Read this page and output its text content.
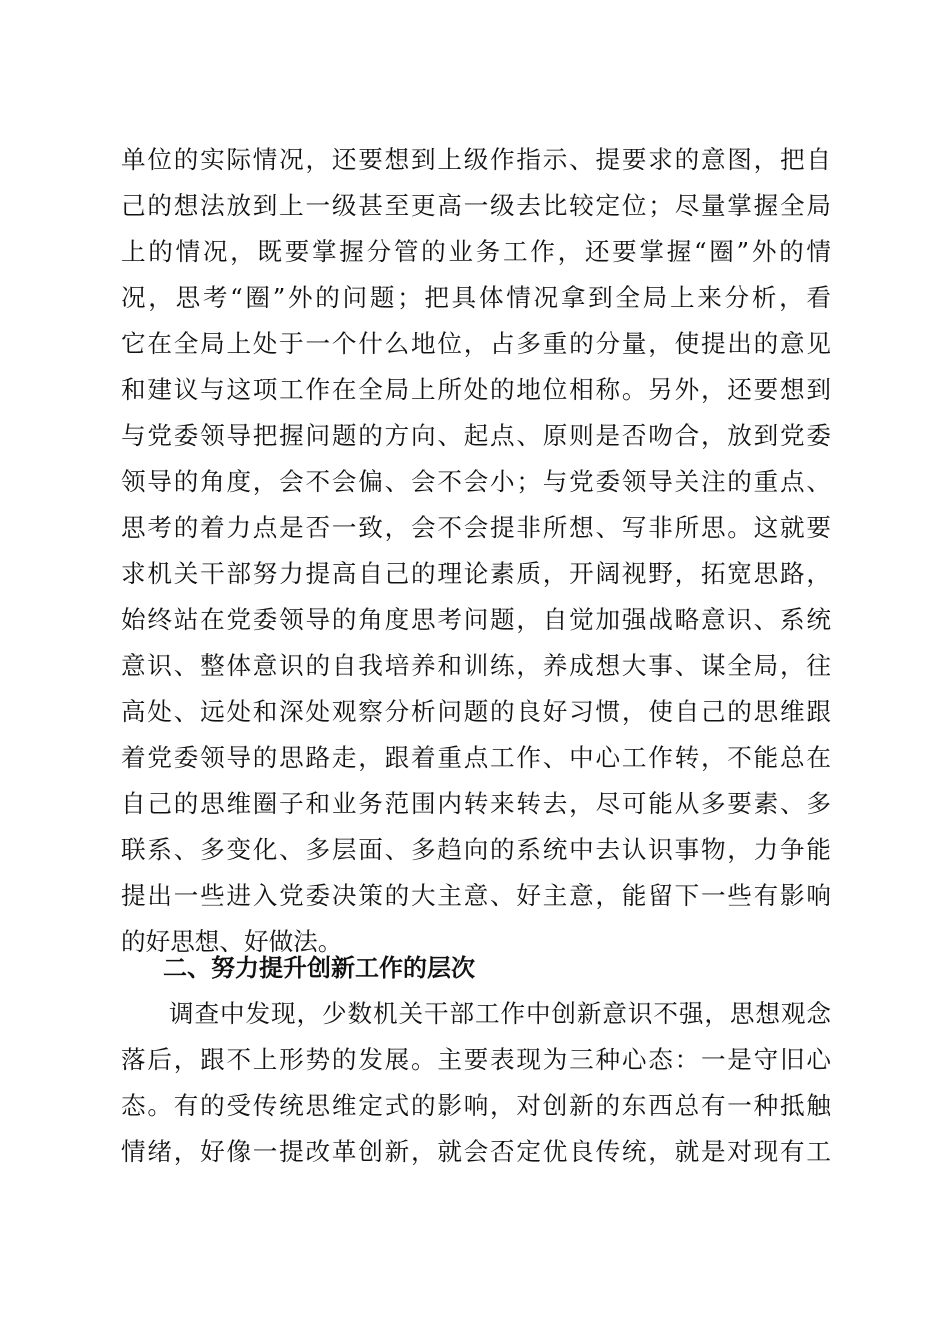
单位的实际情况，还要想到上级作指示、提要求的意图，把自
己的想法放到上一级甚至更高一级去比较定位；尽量掌握全局
上的情况，既要掌握分管的业务工作，还要掌握“圈”外的情
况，思考“圈”外的问题；把具体情况拿到全局上来分析，看
它在全局上处于一个什么地位，占多重的分量，使提出的意见
和建议与这项工作在全局上所处的地位相称。另外，还要想到
与党委领导把握问题的方向、起点、原则是否吻合，放到党委
领导的角度，会不会偏、会不会小；与党委领导关注的重点、
思考的着力点是否一致，会不会提非所想、写非所思。这就要
求机关干部努力提高自己的理论素质，开阔视野，拓宽思路，
始终站在党委领导的角度思考问题，自觉加强战略意识、系统
意识、整体意识的自我培养和训练，养成想大事、谋全局，往
高处、远处和深处观察分析问题的良好习惯，使自己的思维跟
着党委领导的思路走，跟着重点工作、中心工作转，不能总在
自己的思维圈子和业务范围内转来转去，尽可能从多要素、多
联系、多变化、多层面、多趋向的系统中去认识事物，力争能
提出一些进入党委决策的大主意、好主意，能留下一些有影响
的好思想、好做法。
二、努力提升创新工作的层次
调查中发现，少数机关干部工作中创新意识不强，思想观念
落后，跟不上形势的发展。主要表现为三种心态：一是守旧心
态。有的受传统思维定式的影响，对创新的东西总有一种抵触
情绪，好像一提改革创新，就会否定优良传统，就是对现有工
